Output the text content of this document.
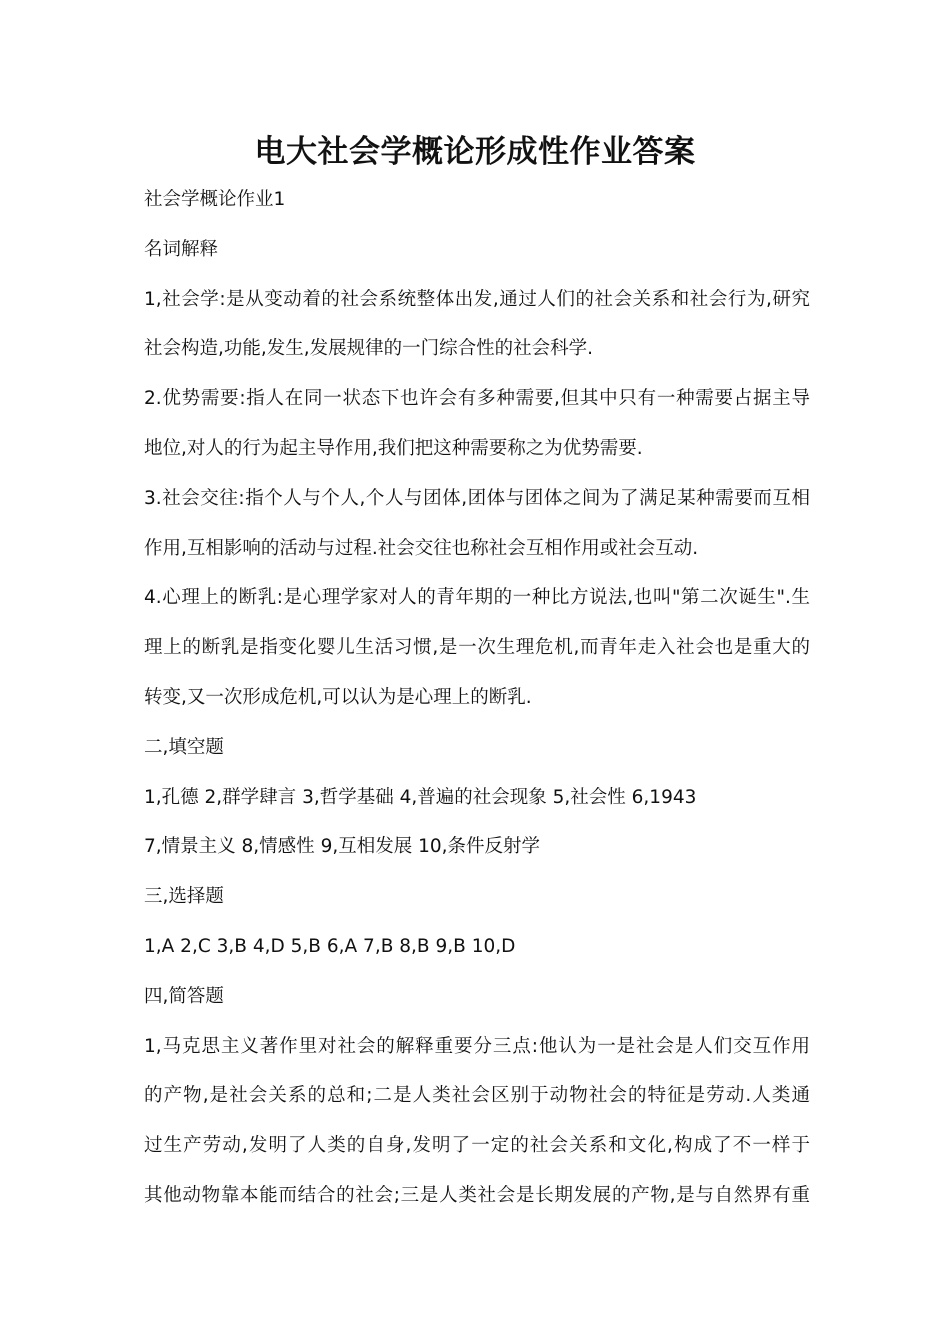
电大社会学概论形成性作业答案
社会学概论作业1
名词解释
1,社会学:是从变动着的社会系统整体出发,通过人们的社会关系和社会行为,研究
社会构造,功能,发生,发展规律的一门综合性的社会科学.
2.优势需要:指人在同一状态下也许会有多种需要,但其中只有一种需要占据主导
地位,对人的行为起主导作用,我们把这种需要称之为优势需要.
3.社会交往:指个人与个人,个人与团体,团体与团体之间为了满足某种需要而互相
作用,互相影响的活动与过程.社会交往也称社会互相作用或社会互动.
4.心理上的断乳:是心理学家对人的青年期的一种比方说法,也叫"第二次诞生".生
理上的断乳是指变化婴儿生活习惯,是一次生理危机,而青年走入社会也是重大的
转变,又一次形成危机,可以认为是心理上的断乳.
二,填空题
1,孔德 2,群学肆言 3,哲学基础 4,普遍的社会现象 5,社会性 6,1943
7,情景主义 8,情感性 9,互相发展 10,条件反射学
三,选择题
1,A 2,C 3,B 4,D 5,B 6,A 7,B 8,B 9,B 10,D
四,简答题
1,马克思主义著作里对社会的解释重要分三点:他认为一是社会是人们交互作用
的产物,是社会关系的总和;二是人类社会区别于动物社会的特征是劳动.人类通
过生产劳动,发明了人类的自身,发明了一定的社会关系和文化,构成了不一样于
其他动物靠本能而结合的社会;三是人类社会是长期发展的产物,是与自然界有重
